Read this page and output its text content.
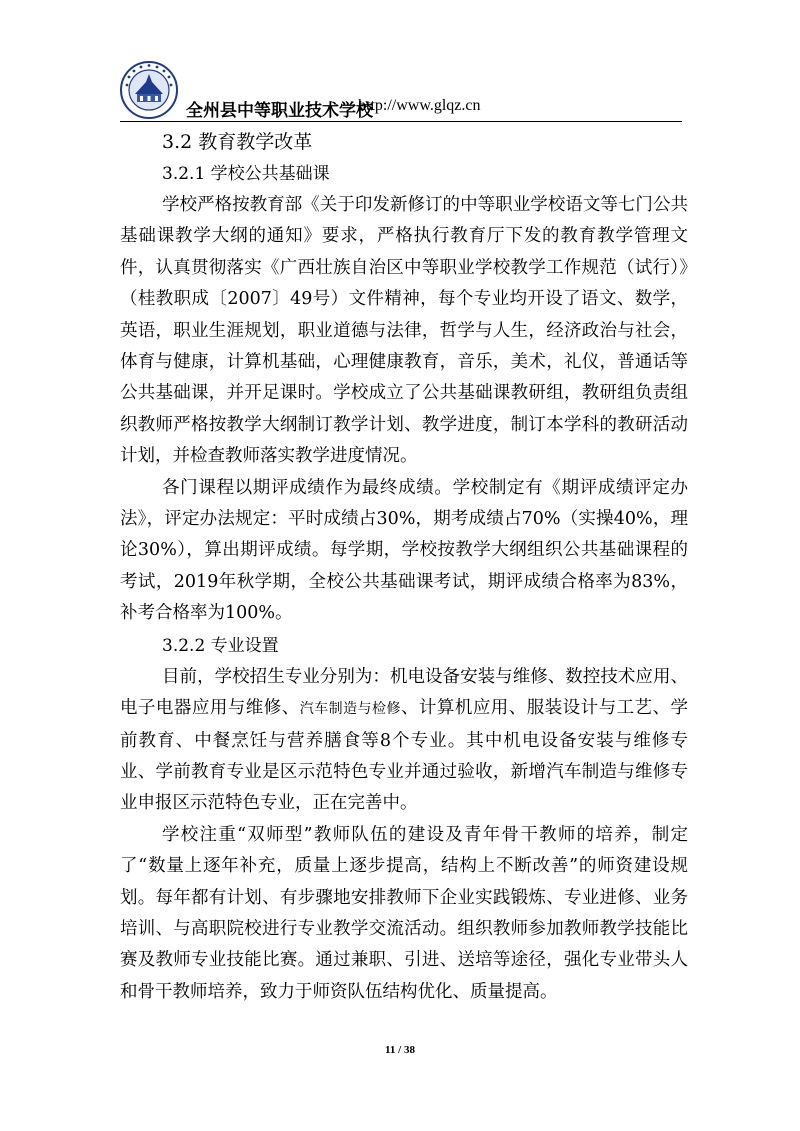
全州县中等职业技术学校
http://www.glqz.cn
3.2 教育教学改革
3.2.1 学校公共基础课

学校严格按教育部《关于印发新修订的中等职业学校语文等七门公共基础课教学大纲的通知》要求，严格执行教育厅下发的教育教学管理文件，认真贯彻落实《广西壮族自治区中等职业学校教学工作规范（试行）》（桂教职成〔2007〕49号）文件精神，每个专业均开设了语文、数学，英语，职业生涯规划，职业道德与法律，哲学与人生，经济政治与社会，体育与健康，计算机基础，心理健康教育，音乐，美术，礼仪，普通话等公共基础课，并开足课时。学校成立了公共基础课教研组，教研组负责组织教师严格按教学大纲制订教学计划、教学进度，制订本学科的教研活动计划，并检查教师落实教学进度情况。

各门课程以期评成绩作为最终成绩。学校制定有《期评成绩评定办法》，评定办法规定：平时成绩占30%，期考成绩占70%（实操40%，理论30%），算出期评成绩。每学期，学校按教学大纲组织公共基础课程的考试，2019年秋学期，全校公共基础课考试，期评成绩合格率为83%，补考合格率为100%。

3.2.2 专业设置

目前，学校招生专业分别为：机电设备安装与维修、数控技术应用、电子电器应用与维修、汽车制造与检修、计算机应用、服装设计与工艺、学前教育、中餐烹饪与营养膳食等8个专业。其中机电设备安装与维修专业、学前教育专业是区示范特色专业并通过验收，新增汽车制造与维修专业申报区示范特色专业，正在完善中。

学校注重“双师型”教师队伍的建设及青年骨干教师的培养，制定了“数量上逐年补充，质量上逐步提高，结构上不断改善”的师资建设规划。每年都有计划、有步骤地安排教师下企业实践锻炼、专业进修、业务培训、与高职院校进行专业教学交流活动。组织教师参加教师教学技能比赛及教师专业技能比赛。通过兼职、引进、送培等途径，强化专业带头人和骨干教师培养，致力于师资队伍结构优化、质量提高。

11 / 38
